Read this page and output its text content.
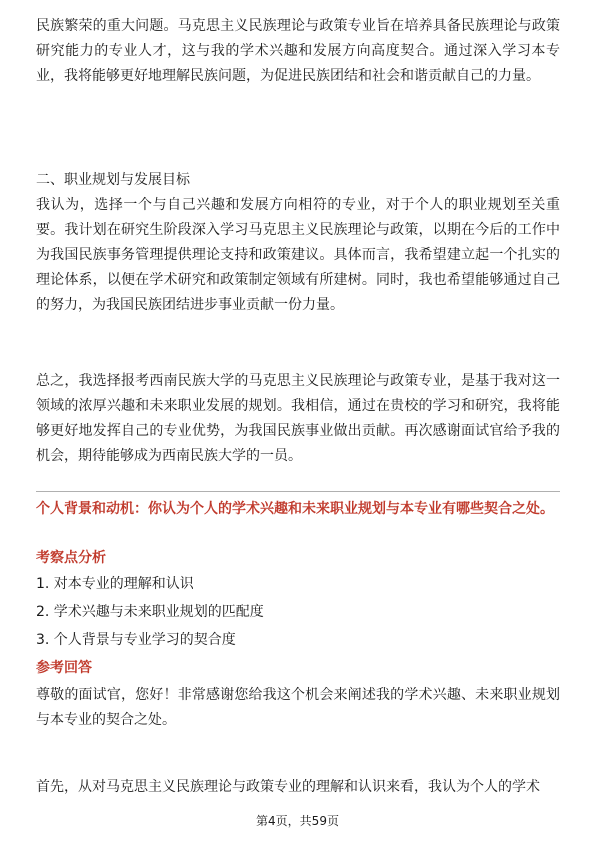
民族繁荣的重大问题。马克思主义民族理论与政策专业旨在培养具备民族理论与政策研究能力的专业人才，这与我的学术兴趣和发展方向高度契合。通过深入学习本专业，我将能够更好地理解民族问题，为促进民族团结和社会和谐贡献自己的力量。

二、职业规划与发展目标

我认为，选择一个与自己兴趣和发展方向相符的专业，对于个人的职业规划至关重要。我计划在研究生阶段深入学习马克思主义民族理论与政策，以期在今后的工作中为我国民族事务管理提供理论支持和政策建议。具体而言，我希望建立起一个扎实的理论体系，以便在学术研究和政策制定领域有所建树。同时，我也希望能够通过自己的努力，为我国民族团结进步事业贡献一份力量。

总之，我选择报考西南民族大学的马克思主义民族理论与政策专业，是基于我对这一领域的浓厚兴趣和未来职业发展的规划。我相信，通过在贵校的学习和研究，我将能够更好地发挥自己的专业优势，为我国民族事业做出贡献。再次感谢面试官给予我的机会，期待能够成为西南民族大学的一员。

个人背景和动机：你认为个人的学术兴趣和未来职业规划与本专业有哪些契合之处。
考察点分析
1. 对本专业的理解和认识
2. 学术兴趣与未来职业规划的匹配度
3. 个人背景与专业学习的契合度
参考回答

尊敬的面试官，您好！非常感谢您给我这个机会来阐述我的学术兴趣、未来职业规划与本专业的契合之处。

首先，从对马克思主义民族理论与政策专业的理解和认识来看，我认为个人的学术

第4页，共59页
